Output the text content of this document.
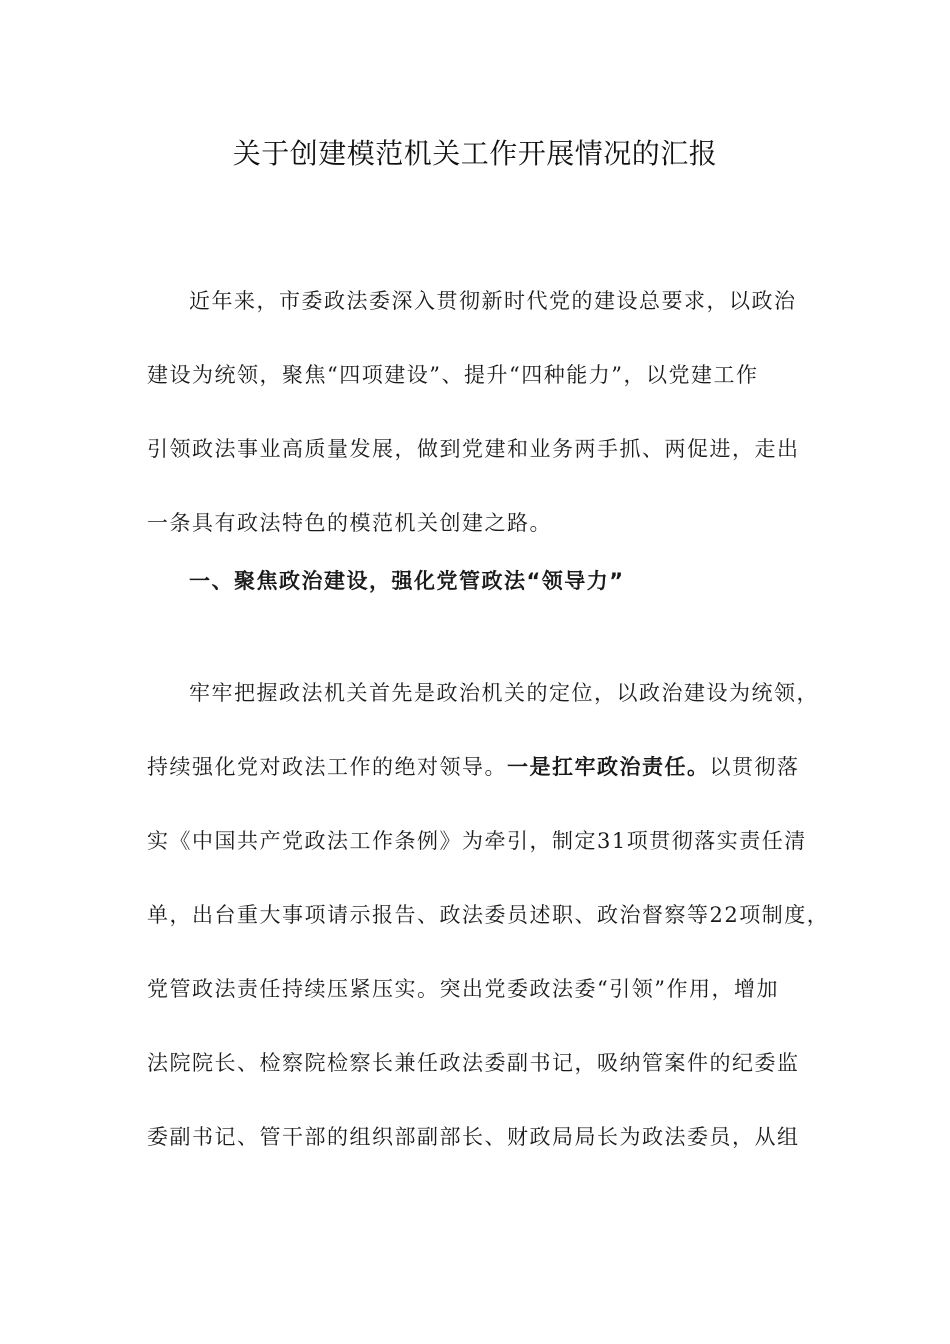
关于创建模范机关工作开展情况的汇报
近年来，市委政法委深入贯彻新时代党的建设总要求，以政治
建设为统领，聚焦“四项建设”、提升“四种能力”，以党建工作
引领政法事业高质量发展，做到党建和业务两手抓、两促进，走出
一条具有政法特色的模范机关创建之路。
一、聚焦政治建设，强化党管政法“领导力”
牢牢把握政法机关首先是政治机关的定位，以政治建设为统领，
持续强化党对政法工作的绝对领导。一是扛牢政治责任。以贯彻落
实《中国共产党政法工作条例》为牵引，制定31项贯彻落实责任清
单，出台重大事项请示报告、政法委员述职、政治督察等22项制度，
党管政法责任持续压紧压实。突出党委政法委“引领”作用，增加
法院院长、检察院检察长兼任政法委副书记，吸纳管案件的纪委监
委副书记、管干部的组织部副部长、财政局局长为政法委员，从组
